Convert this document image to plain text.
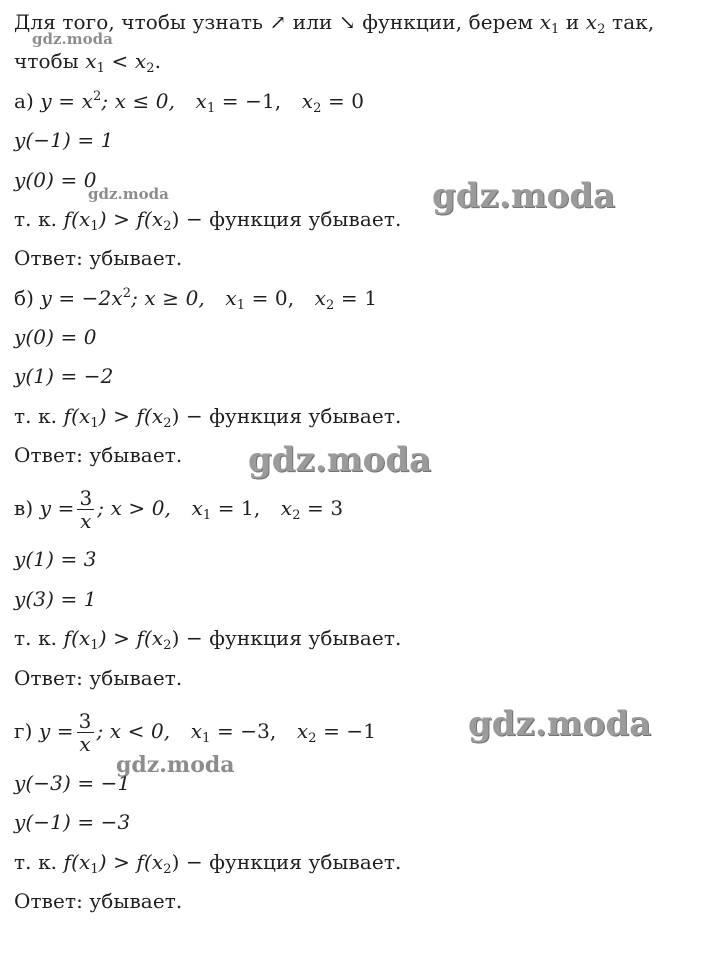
Для того, чтобы узнать ↗ или ↘ функции, берем $x_1$ и $x_2$ так,
чтобы $x_1 < x_2$.
а) $y = x^2$; x ≤ 0, $x_1 = -1$, $x_2 = 0$
y(−1) = 1
y(0) = 0
т. к. $f(x_1) > f(x_2)$ − функция убывает.
Ответ: убывает.
б) $y = -2x^2$; x ≥ 0, $x_1 = 0$, $x_2 = 1$
y(0) = 0
y(1) = −2
т. к. $f(x_1) > f(x_2)$ − функция убывает.
Ответ: убывает.
в) $y = \frac{3}{x}$ ; x > 0, $x_1 = 1$, $x_2 = 3$
y(1) = 3
y(3) = 1
т. к. $f(x_1) > f(x_2)$ − функция убывает.
Ответ: убывает.
г) $y = \frac{3}{x}$ ; x < 0, $x_1 = -3$, $x_2 = -1$
y(−3) = −1
y(−1) = −3
т. к. $f(x_1) > f(x_2)$ − функция убывает.
Ответ: убывает.
gdz.moda
gdz.moda	gdz.moda
gdz.moda
gdz.moda
gdz.moda
